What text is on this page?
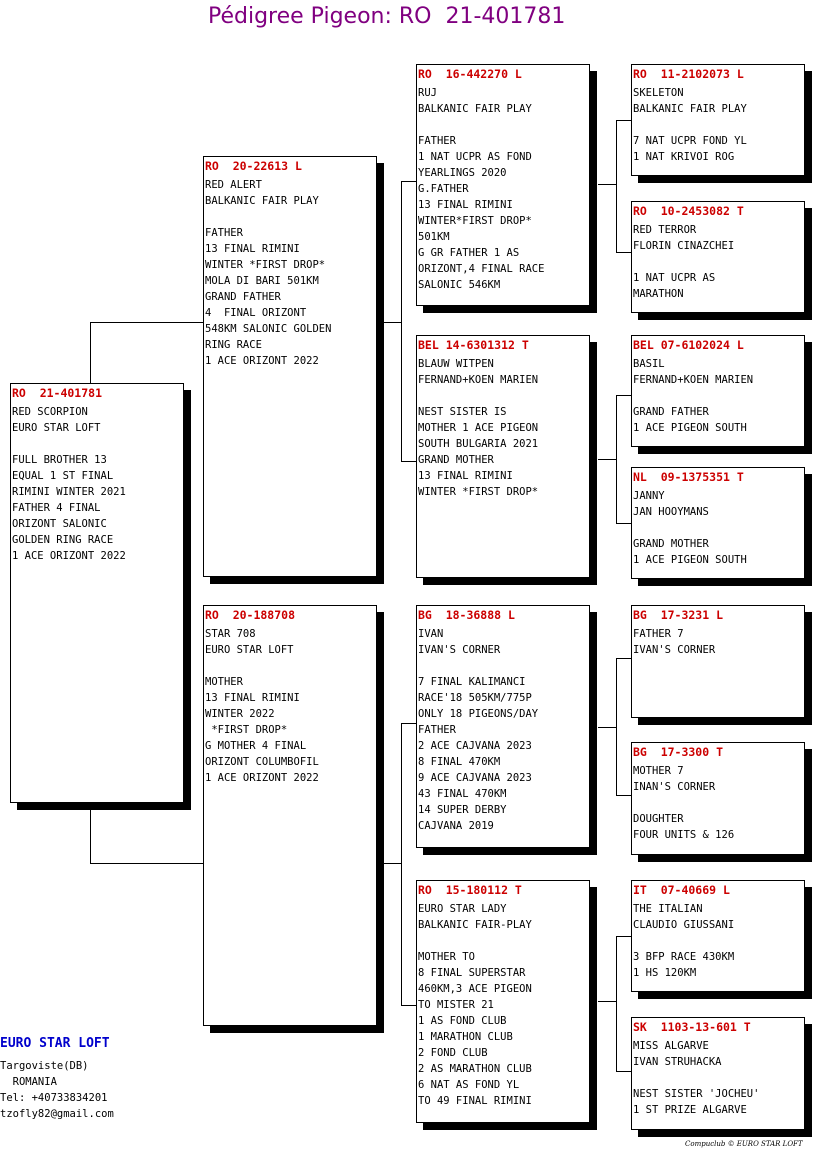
Pédigree Pigeon: RO  21-401781
RO  21-401781
RED SCORPION
EURO STAR LOFT
FULL BROTHER 13
EQUAL 1 ST FINAL
RIMINI WINTER 2021
FATHER 4 FINAL
ORIZONT SALONIC
GOLDEN RING RACE
1 ACE ORIZONT 2022
RO  20-22613 L
RED ALERT
BALKANIC FAIR PLAY
FATHER
13 FINAL RIMINI
WINTER *FIRST DROP*
MOLA DI BARI 501KM
GRAND FATHER
4  FINAL ORIZONT
548KM SALONIC GOLDEN
RING RACE
1 ACE ORIZONT 2022
RO  20-188708
STAR 708
EURO STAR LOFT
MOTHER
13 FINAL RIMINI
WINTER 2022
*FIRST DROP*
G MOTHER 4 FINAL
ORIZONT COLUMBOFIL
1 ACE ORIZONT 2022
RO  16-442270 L
RUJ
BALKANIC FAIR PLAY
FATHER
1 NAT UCPR AS FOND
YEARLINGS 2020
G.FATHER
13 FINAL RIMINI
WINTER*FIRST DROP*
501KM
G GR FATHER 1 AS
ORIZONT,4 FINAL RACE
SALONIC 546KM
BEL 14-6301312 T
BLAUW WITPEN
FERNAND+KOEN MARIEN
NEST SISTER IS
MOTHER 1 ACE PIGEON
SOUTH BULGARIA 2021
GRAND MOTHER
13 FINAL RIMINI
WINTER *FIRST DROP*
BG  18-36888 L
IVAN
IVAN'S CORNER
7 FINAL KALIMANCI
RACE'18 505KM/775P
ONLY 18 PIGEONS/DAY
FATHER
2 ACE CAJVANA 2023
8 FINAL 470KM
9 ACE CAJVANA 2023
43 FINAL 470KM
14 SUPER DERBY
CAJVANA 2019
RO  15-180112 T
EURO STAR LADY
BALKANIC FAIR-PLAY
MOTHER TO
8 FINAL SUPERSTAR
460KM,3 ACE PIGEON
TO MISTER 21
1 AS FOND CLUB
1 MARATHON CLUB
2 FOND CLUB
2 AS MARATHON CLUB
6 NAT AS FOND YL
TO 49 FINAL RIMINI
RO  11-2102073 L
SKELETON
BALKANIC FAIR PLAY
7 NAT UCPR FOND YL
1 NAT KRIVOI ROG
RO  10-2453082 T
RED TERROR
FLORIN CINAZCHEI
1 NAT UCPR AS
MARATHON
BEL 07-6102024 L
BASIL
FERNAND+KOEN MARIEN
GRAND FATHER
1 ACE PIGEON SOUTH
NL  09-1375351 T
JANNY
JAN HOOYMANS
GRAND MOTHER
1 ACE PIGEON SOUTH
BG  17-3231 L
FATHER 7
IVAN'S CORNER
BG  17-3300 T
MOTHER 7
INAN'S CORNER
DOUGHTER
FOUR UNITS & 126
IT  07-40669 L
THE ITALIAN
CLAUDIO GIUSSANI
3 BFP RACE 430KM
1 HS 120KM
SK  1103-13-601 T
MISS ALGARVE
IVAN STRUHACKA
NEST SISTER 'JOCHEU'
1 ST PRIZE ALGARVE
EURO STAR LOFT
Targoviste(DB)
ROMANIA
Tel: +40733834201
tzofly82@gmail.com
Compuclub © EURO STAR LOFT
